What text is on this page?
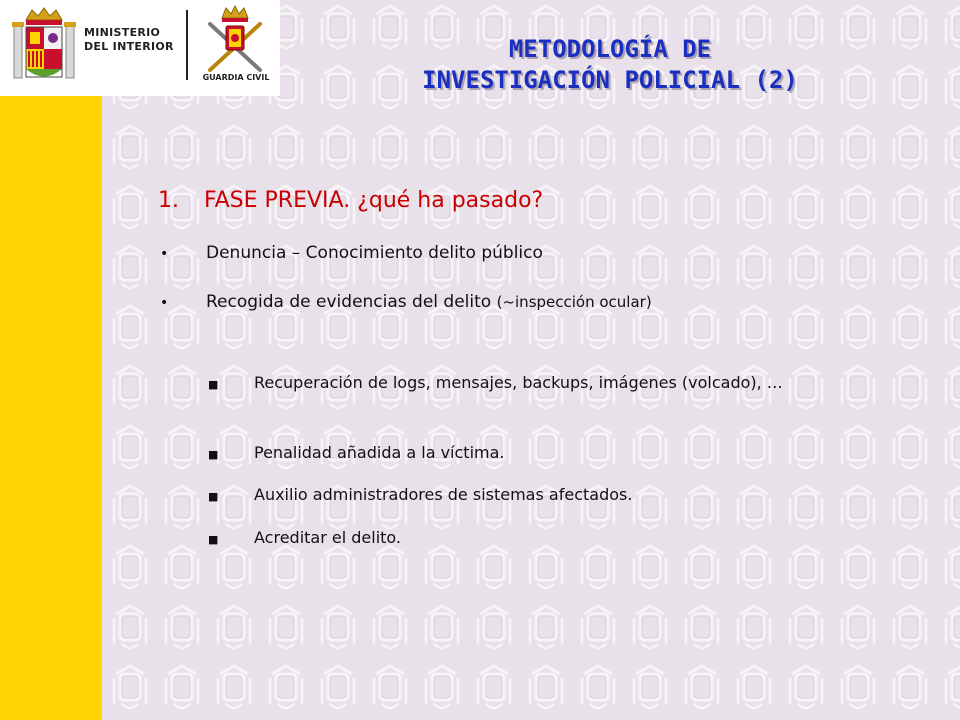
MINISTERIO
DEL INTERIOR
GUARDIA CIVIL
METODOLOGÍA DE
INVESTIGACIÓN POLICIAL (2)
1. FASE PREVIA. ¿qué ha pasado?
• Denuncia – Conocimiento delito público
• Recogida de evidencias del delito (~inspección ocular)
■ Recuperación de logs, mensajes, backups, imágenes (volcado), …
■ Penalidad añadida a la víctima.
■ Auxilio administradores de sistemas afectados.
■ Acreditar el delito.
